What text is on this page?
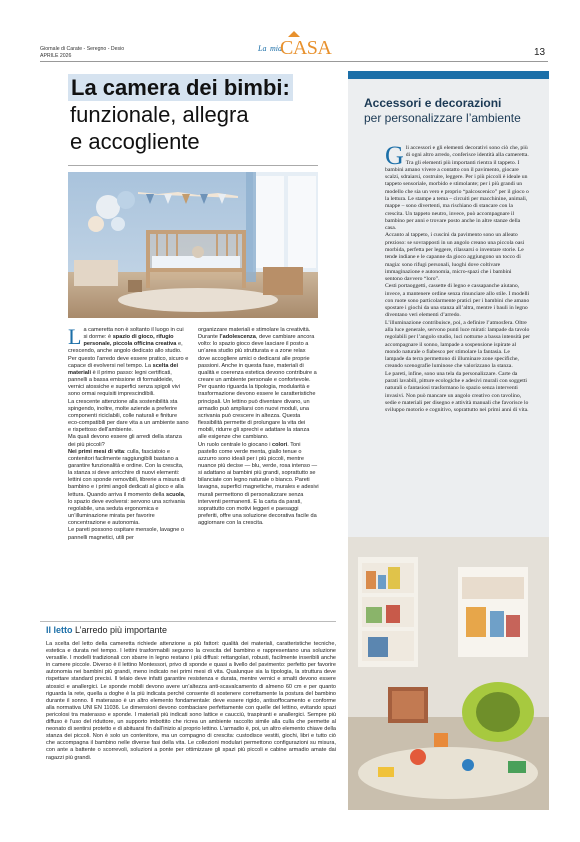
Giornale di Carate - Seregno - Desio
APRILE 2026
La mia
CASA	13
La camera dei bimbi:
funzionale, allegra
e accogliente
La cameretta non è soltanto il luogo in cui si dorme: è spazio di gioco, rifugio personale, piccola officina creativa e, crescendo, anche angolo dedicato allo studio. Per questo l’arredo deve essere pratico, sicuro e capace di evolversi nel tempo. La scelta dei materiali è il primo passo: legni certificati, pannelli a bassa emissione di formaldeide, vernici atossiche e superfici senza spigoli vivi sono ormai requisiti imprescindibili.
La crescente attenzione alla sostenibilità sta spingendo, inoltre, molte aziende a preferire componenti riciclabili, colle naturali e finiture eco-compatibili per dare vita a un ambiente sano e rispettoso dell’ambiente.
Ma quali devono essere gli arredi della stanza dei più piccoli?
Nei primi mesi di vita: culla, fasciatoio e contenitori facilmente raggiungibili bastano a garantire funzionalità e ordine. Con la crescita, la stanza si deve arricchire di nuovi elementi: lettini con sponde removibili, librerie a misura di bambino e i primi angoli dedicati al gioco e alla lettura. Quando arriva il momento della scuola, lo spazio deve evolversi: servono una scrivania regolabile, una seduta ergonomica e un’illuminazione mirata per favorire concentrazione e autonomia.
Le pareti possono ospitare mensole, lavagne o pannelli magnetici, utili per
organizzare materiali e stimolare la creatività.
Durante l’adolescenza, deve cambiare ancora volto: lo spazio gioco deve lasciare il posto a un’area studio più strutturata e a zone relax dove accogliere amici o dedicarsi alle proprie passioni. Anche in questa fase, materiali di qualità e coerenza estetica devono contribuire a creare un ambiente personale e confortevole.
Per quanto riguarda la tipologia, modularità e trasformazione devono essere le caratteristiche principali. Un lettino può diventare divano, un armadio può ampliarsi con nuovi moduli, una scrivania può crescere in altezza. Questa flessibilità permette di prolungare la vita dei mobili, ridurre gli sprechi e adattare la stanza alle esigenze che cambiano.
Un ruolo centrale lo giocano i colori. Toni pastello come verde menta, giallo tenue o azzurro sono ideali per i più piccoli, mentre nuance più decise — blu, verde, rosa intenso — si adattano ai bambini più grandi, soprattutto se bilanciate con legno naturale o bianco. Pareti lavagna, superfici magnetiche, murales e adesivi murali permettono di personalizzare senza interventi permanenti. E la carta da parati, soprattutto con motivi leggeri e paesaggi preferiti, offre una soluzione decorativa facile da aggiornare con la crescita.
Il letto L’arredo più importante
La scelta del letto della cameretta richiede attenzione a più fattori: qualità dei materiali, caratteristiche tecniche, estetica e durata nel tempo. I lettini trasformabili seguono la crescita del bambino e rappresentano una soluzione versatile. I modelli tradizionali con sbarre in legno restano i più diffusi: rettangolari, robusti, facilmente inseribili anche in camere piccole. Diverso è il lettino Montessori, privo di sponde e quasi a livello del pavimento: perfetto per favorire autonomia nei bambini più grandi, meno indicato nei primi mesi di vita. Qualunque sia la tipologia, la struttura deve rispettare standard precisi. Il telaio deve infatti garantire resistenza e durata, mentre vernici e smalti devono essere atossici e anallergici. Le sponde mobili devono avere un’altezza anti-scavalcamento di almeno 60 cm e per quanto riguarda la rete, quella a doghe è la più indicata perché consente di sostenere correttamente la postura del bambino durante il sonno. Il materasso è un altro elemento fondamentale: deve essere rigido, antisoffocamento e conforme alla normativa UNI EN 11036. Le dimensioni devono combaciare perfettamente con quelle del lettino, evitando spazi pericolosi tra materasso e sponde. I materiali più indicati sono lattice e caucciù, traspiranti e anallergici. Sempre più diffuso è l’uso del riduttore, un supporto imbottito che ricrea un ambiente raccolto simile alla culla che permette al neonato di sentirsi protetto e di abituarsi fin dall’inizio al proprio lettino. L’armadio è, poi, un altro elemento chiave della stanza dei piccoli. Non è solo un contenitore, ma un compagno di crescita: custodisce vestiti, giochi, libri e tutto ciò che accompagna il bambino nelle diverse fasi della vita. Le collezioni modulari permettono configurazioni su misura, con ante a battente o scorrevoli, soluzioni a ponte per ottimizzare gli spazi più piccoli e cabine armadio amate dai ragazzi più grandi.
Accessori e decorazioni
per personalizzare l’ambiente
Gli accessori e gli elementi decorativi sono ciò che, più di ogni altro arredo, conferisce identità alla cameretta.

Tra gli elementi più importanti rientra il tappeto. I bambini amano vivere a contatto con il pavimento, giocare scalzi, sdraiarsi, costruire, leggere. Per i più piccoli è ideale un tappeto sensoriale, morbido e stimolante; per i più grandi un modello che sia un vero e proprio “palcoscenico” per il gioco o la lettura. Le stampe a tema – circuiti per macchinine, animali, mappe – sono divertenti, ma rischiano di stancare con la crescita. Un tappeto neutro, invece, può accompagnare il bambino per anni e trovare posto anche in altre stanze della casa.

Accanto al tappeto, i cuscini da pavimento sono un alleato prezioso: se sovrapposti in un angolo creano una piccola oasi morbida, perfetta per leggere, rilassarsi o inventare storie. Le tende indiane e le capanne da gioco aggiungono un tocco di magia: sono rifugi personali, luoghi dove coltivare immaginazione e autonomia, micro-spazi che i bambini sentono davvero “loro”.

Cesti portaoggetti, cassette di legno e cassapanche aiutano, invece, a mantenere ordine senza rinunciare allo stile. I modelli con ruote sono particolarmente pratici per i bambini che amano spostare i giochi da una stanza all’altra, mentre i bauli in legno diventano veri elementi d’arredo.

L’illuminazione contribuisce, poi, a definire l’atmosfera. Oltre alla luce generale, servono punti luce mirati: lampade da tavolo regolabili per l’angolo studio, luci notturne a bassa intensità per accompagnare il sonno, lampade a sospensione ispirate al mondo naturale o fiabesco per stimolare la fantasia. Le lampade da terra permettono di illuminare zone specifiche, creando scenografie luminose che valorizzano la stanza.

Le pareti, infine, sono una tela da personalizzare. Carte da parati lavabili, pitture ecologiche e adesivi murali con soggetti naturali o fantasiosi trasformano lo spazio senza interventi invasivi. Non può mancare un angolo creativo con tavolino, sedie e materiali per disegno e attività manuali che favorisce lo sviluppo motorio e cognitivo, soprattutto nei primi anni di vita.
